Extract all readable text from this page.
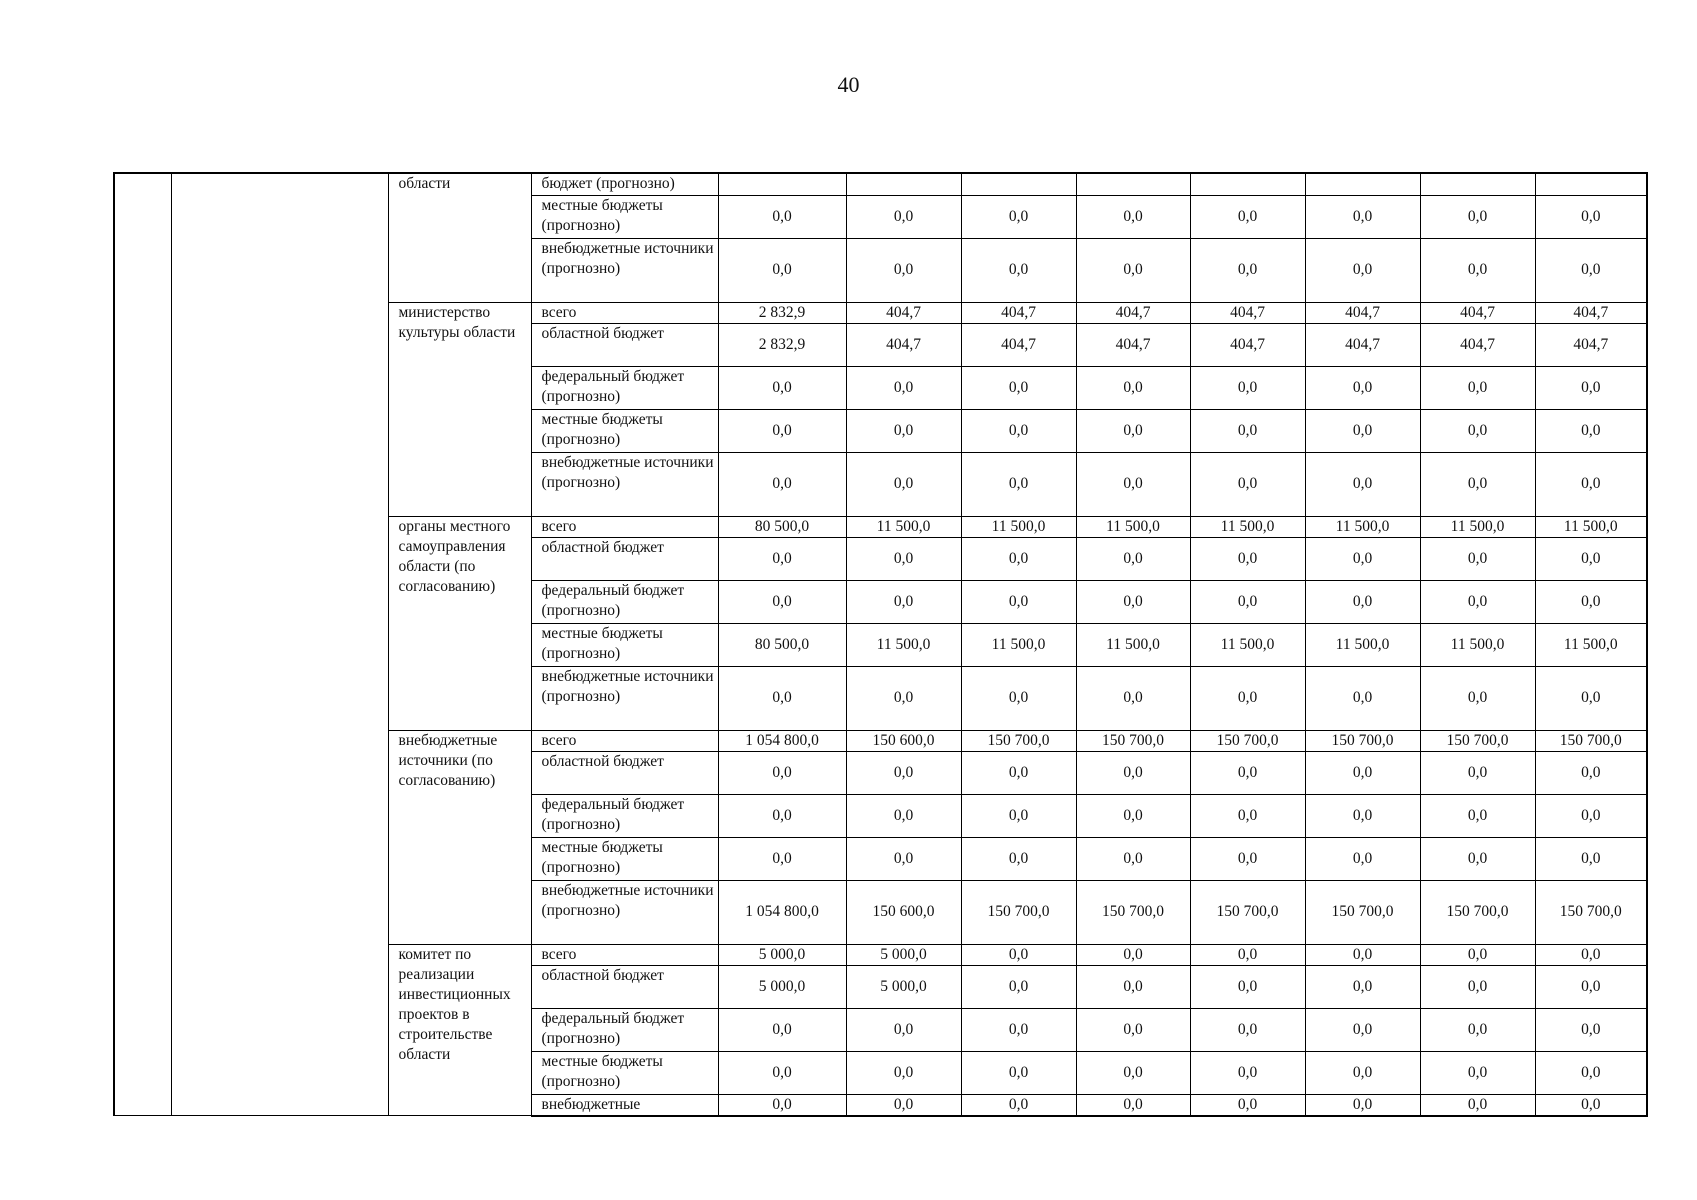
40
		области	бюджет (прогнозно)								
			местные бюджеты (прогнозно)	0,0	0,0	0,0	0,0	0,0	0,0	0,0	0,0
			внебюджетные источники (прогнозно)	0,0	0,0	0,0	0,0	0,0	0,0	0,0	0,0
		министерство культуры области	всего	2 832,9	404,7	404,7	404,7	404,7	404,7	404,7	404,7
			областной бюджет	2 832,9	404,7	404,7	404,7	404,7	404,7	404,7	404,7
			федеральный бюджет (прогнозно)	0,0	0,0	0,0	0,0	0,0	0,0	0,0	0,0
			местные бюджеты (прогнозно)	0,0	0,0	0,0	0,0	0,0	0,0	0,0	0,0
			внебюджетные источники (прогнозно)	0,0	0,0	0,0	0,0	0,0	0,0	0,0	0,0
		органы местного самоуправления области (по согласованию)	всего	80 500,0	11 500,0	11 500,0	11 500,0	11 500,0	11 500,0	11 500,0	11 500,0
			областной бюджет	0,0	0,0	0,0	0,0	0,0	0,0	0,0	0,0
			федеральный бюджет (прогнозно)	0,0	0,0	0,0	0,0	0,0	0,0	0,0	0,0
			местные бюджеты (прогнозно)	80 500,0	11 500,0	11 500,0	11 500,0	11 500,0	11 500,0	11 500,0	11 500,0
			внебюджетные источники (прогнозно)	0,0	0,0	0,0	0,0	0,0	0,0	0,0	0,0
		внебюджетные источники (по согласованию)	всего	1 054 800,0	150 600,0	150 700,0	150 700,0	150 700,0	150 700,0	150 700,0	150 700,0
			областной бюджет	0,0	0,0	0,0	0,0	0,0	0,0	0,0	0,0
			федеральный бюджет (прогнозно)	0,0	0,0	0,0	0,0	0,0	0,0	0,0	0,0
			местные бюджеты (прогнозно)	0,0	0,0	0,0	0,0	0,0	0,0	0,0	0,0
			внебюджетные источники (прогнозно)	1 054 800,0	150 600,0	150 700,0	150 700,0	150 700,0	150 700,0	150 700,0	150 700,0
		комитет по реализации инвестиционных проектов в строительстве области	всего	5 000,0	5 000,0	0,0	0,0	0,0	0,0	0,0	0,0
			областной бюджет	5 000,0	5 000,0	0,0	0,0	0,0	0,0	0,0	0,0
			федеральный бюджет (прогнозно)	0,0	0,0	0,0	0,0	0,0	0,0	0,0	0,0
			местные бюджеты (прогнозно)	0,0	0,0	0,0	0,0	0,0	0,0	0,0	0,0
			внебюджетные	0,0	0,0	0,0	0,0	0,0	0,0	0,0	0,0
